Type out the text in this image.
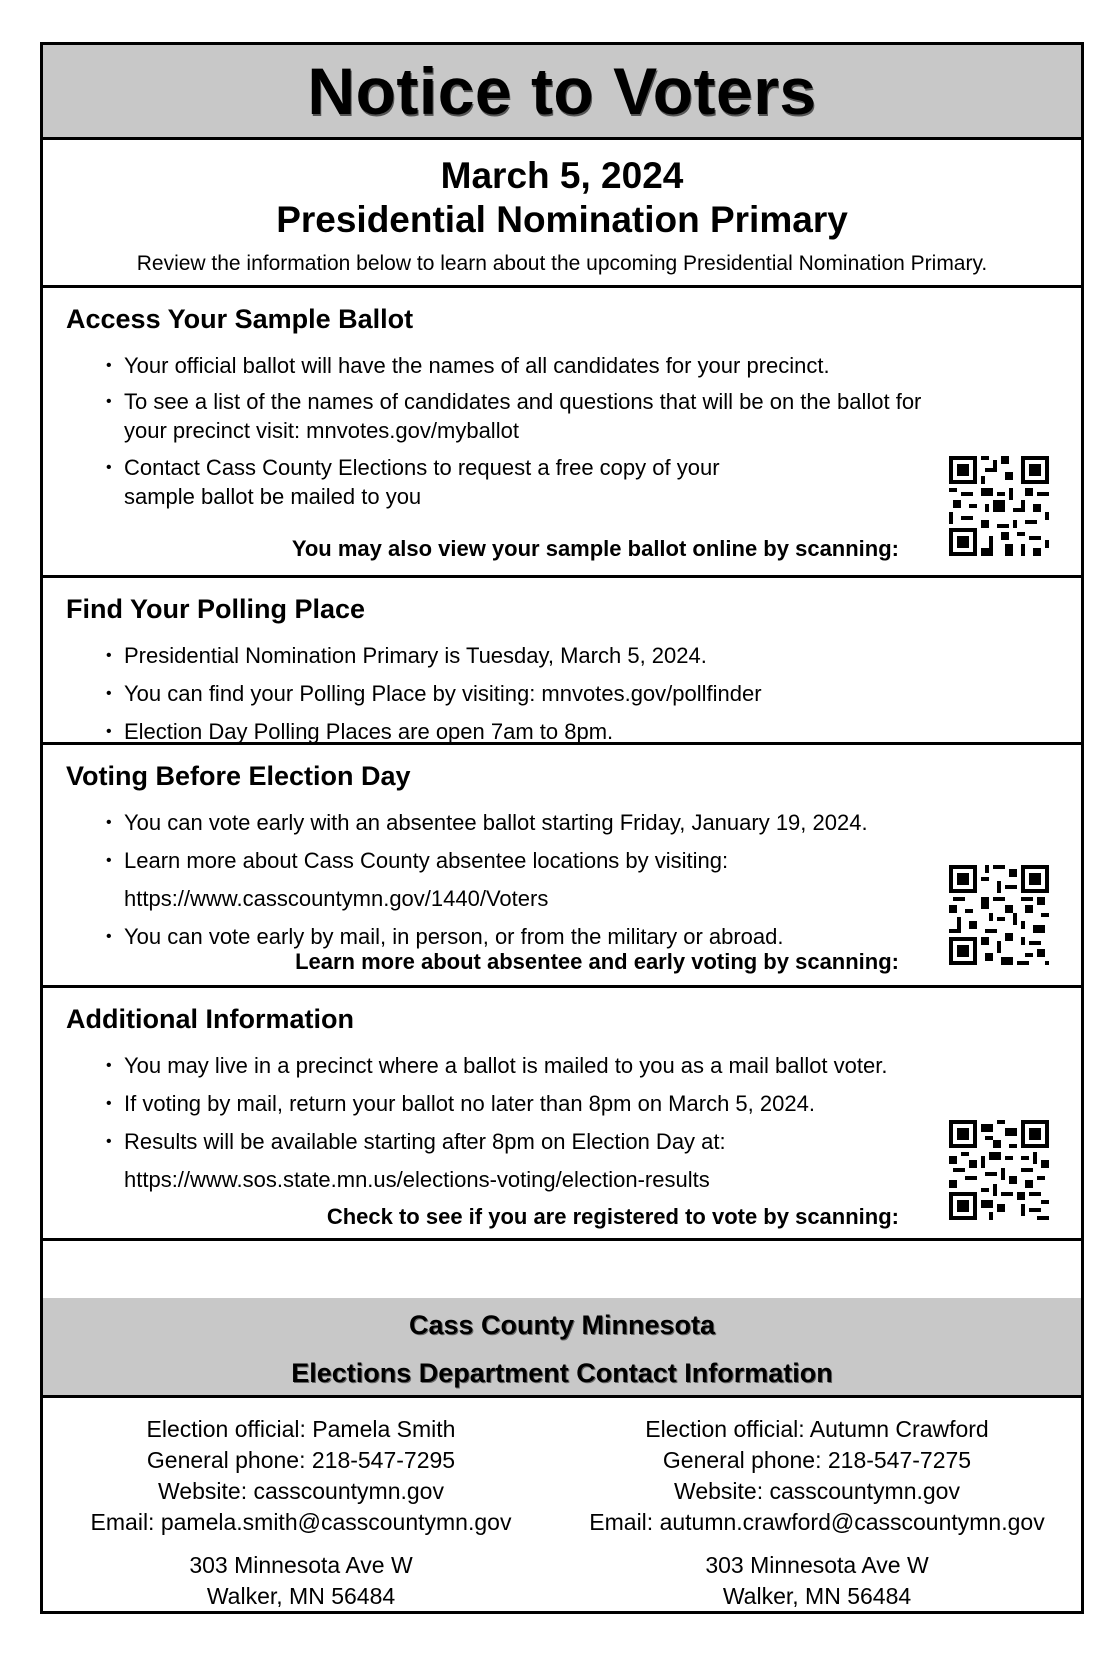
Notice to Voters
March 5, 2024
Presidential Nomination Primary
Review the information below to learn about the upcoming Presidential Nomination Primary.
Access Your Sample Ballot
• Your official ballot will have the names of all candidates for your precinct.
• To see a list of the names of candidates and questions that will be on the ballot for
your precinct visit: mnvotes.gov/myballot
• Contact Cass County Elections to request a free copy of your
sample ballot be mailed to you
You may also view your sample ballot online by scanning:
Find Your Polling Place
• Presidential Nomination Primary is Tuesday, March 5, 2024.
• You can find your Polling Place by visiting: mnvotes.gov/pollfinder
• Election Day Polling Places are open 7am to 8pm.
Voting Before Election Day
• You can vote early with an absentee ballot starting Friday, January 19, 2024.
• Learn more about Cass County absentee locations by visiting:
https://www.casscountymn.gov/1440/Voters
• You can vote early by mail, in person, or from the military or abroad.
Learn more about absentee and early voting by scanning:
Additional Information
• You may live in a precinct where a ballot is mailed to you as a mail ballot voter.
• If voting by mail, return your ballot no later than 8pm on March 5, 2024.
• Results will be available starting after 8pm on Election Day at:
https://www.sos.state.mn.us/elections-voting/election-results
Check to see if you are registered to vote by scanning:
Cass County Minnesota
Elections Department Contact Information
Election official: Pamela Smith
General phone: 218-547-7295
Website: casscountymn.gov
Email: pamela.smith@casscountymn.gov
303 Minnesota Ave W
Walker, MN 56484
Election official: Autumn Crawford
General phone: 218-547-7275
Website: casscountymn.gov
Email: autumn.crawford@casscountymn.gov
303 Minnesota Ave W
Walker, MN 56484
